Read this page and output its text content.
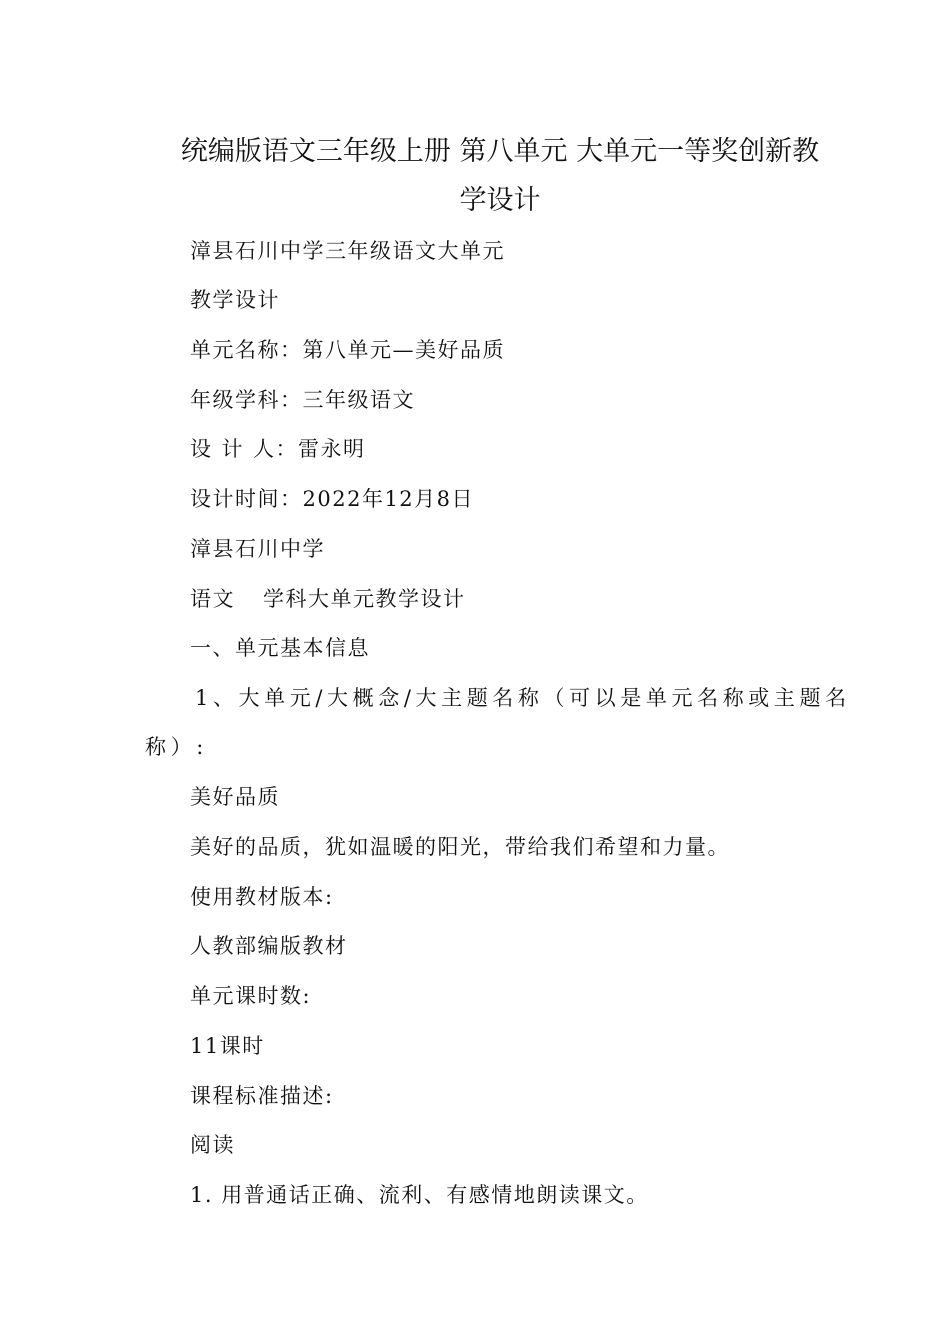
统编版语文三年级上册 第八单元 大单元一等奖创新教
学设计
漳县石川中学三年级语文大单元
教学设计
单元名称：第八单元—美好品质
年级学科：三年级语文
设 计 人：雷永明
设计时间：2022年12月8日
漳县石川中学
语文 学科大单元教学设计
一、单元基本信息
1、大单元/大概念/大主题名称（可以是单元名称或主题名
称）:
美好品质
美好的品质，犹如温暖的阳光，带给我们希望和力量。
使用教材版本:
人教部编版教材
单元课时数:
11课时
课程标准描述:
阅读
1. 用普通话正确、流利、有感情地朗读课文。
